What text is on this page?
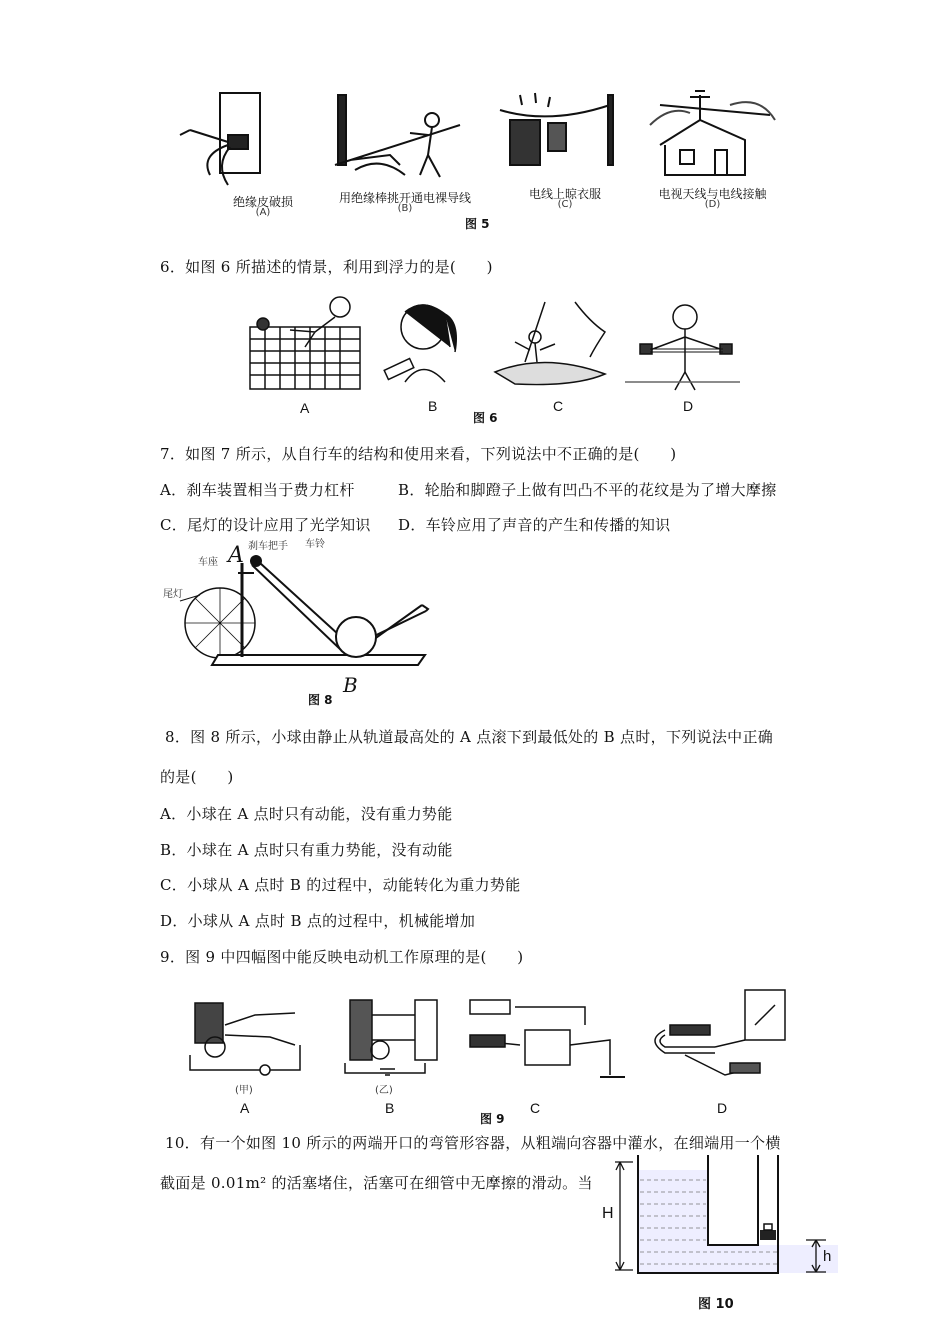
绝缘皮破损
(A)
用绝缘棒挑开通电裸导线
(B)
电线上晾衣服
(C)
电视天线与电线接触
(D)
图 5
6．如图 6 所描述的情景，利用到浮力的是(　　)
A	B	C	D
图 6
7．如图 7 所示，从自行车的结构和使用来看，下列说法中不正确的是(　　)
A．刹车装置相当于费力杠杆	B．轮胎和脚蹬子上做有凹凸不平的花纹是为了增大摩擦
C．尾灯的设计应用了光学知识 D．车铃应用了声音的产生和传播的知识
A
B
刹车把手
车座
车铃
尾灯
图 8
8．图 8 所示，小球由静止从轨道最高处的 A 点滚下到最低处的 B 点时，下列说法中正确
的是(　　)
A．小球在 A 点时只有动能，没有重力势能
B．小球在 A 点时只有重力势能，没有动能
C．小球从 A 点时 B 的过程中，动能转化为重力势能
D．小球从 A 点时 B 点的过程中，机械能增加
9．图 9 中四幅图中能反映电动机工作原理的是(　　)
(甲)	(乙)
A	B	C	D
图 9
10．有一个如图 10 所示的两端开口的弯管形容器，从粗端向容器中灌水，在细端用一个横
截面是 0.01m² 的活塞堵住，活塞可在细管中无摩擦的滑动。当
H
h
图 10
